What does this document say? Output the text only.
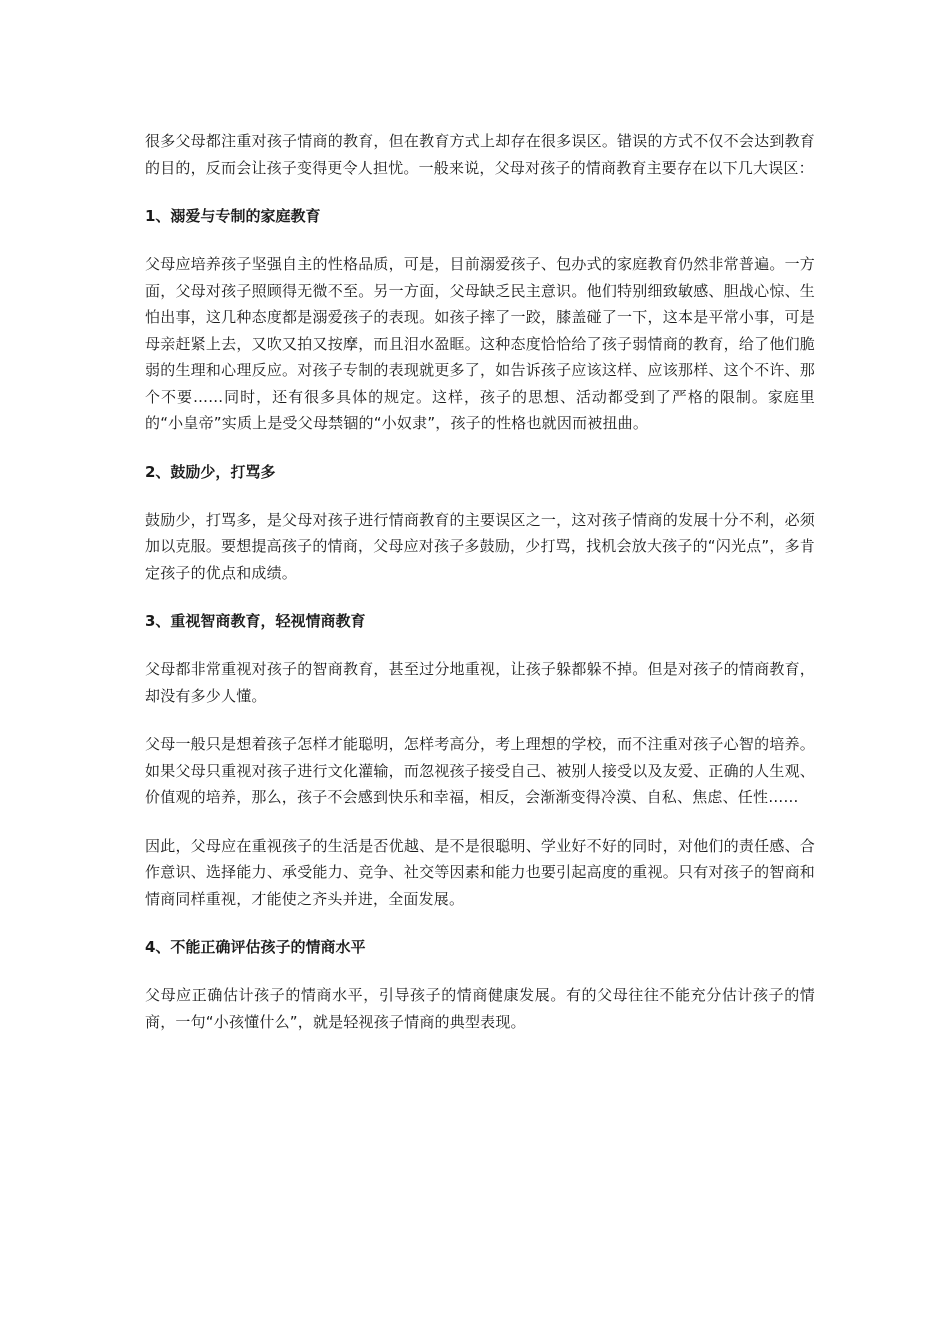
很多父母都注重对孩子情商的教育，但在教育方式上却存在很多误区。错误的方式不仅不会达到教育的目的，反而会让孩子变得更令人担忧。一般来说，父母对孩子的情商教育主要存在以下几大误区：

1、溺爱与专制的家庭教育

父母应培养孩子坚强自主的性格品质，可是，目前溺爱孩子、包办式的家庭教育仍然非常普遍。一方面，父母对孩子照顾得无微不至。另一方面，父母缺乏民主意识。他们特别细致敏感、胆战心惊、生怕出事，这几种态度都是溺爱孩子的表现。如孩子摔了一跤，膝盖碰了一下，这本是平常小事，可是母亲赶紧上去，又吹又拍又按摩，而且泪水盈眶。这种态度恰恰给了孩子弱情商的教育，给了他们脆弱的生理和心理反应。对孩子专制的表现就更多了，如告诉孩子应该这样、应该那样、这个不许、那个不要……同时，还有很多具体的规定。这样，孩子的思想、活动都受到了严格的限制。家庭里的“小皇帝”实质上是受父母禁锢的“小奴隶”，孩子的性格也就因而被扭曲。

2、鼓励少，打骂多

鼓励少，打骂多，是父母对孩子进行情商教育的主要误区之一，这对孩子情商的发展十分不利，必须加以克服。要想提高孩子的情商，父母应对孩子多鼓励，少打骂，找机会放大孩子的“闪光点”，多肯定孩子的优点和成绩。

3、重视智商教育，轻视情商教育

父母都非常重视对孩子的智商教育，甚至过分地重视，让孩子躲都躲不掉。但是对孩子的情商教育，却没有多少人懂。

父母一般只是想着孩子怎样才能聪明，怎样考高分，考上理想的学校，而不注重对孩子心智的培养。如果父母只重视对孩子进行文化灌输，而忽视孩子接受自己、被别人接受以及友爱、正确的人生观、价值观的培养，那么，孩子不会感到快乐和幸福，相反，会渐渐变得冷漠、自私、焦虑、任性……

因此，父母应在重视孩子的生活是否优越、是不是很聪明、学业好不好的同时，对他们的责任感、合作意识、选择能力、承受能力、竞争、社交等因素和能力也要引起高度的重视。只有对孩子的智商和情商同样重视，才能使之齐头并进，全面发展。

4、不能正确评估孩子的情商水平

父母应正确估计孩子的情商水平，引导孩子的情商健康发展。有的父母往往不能充分估计孩子的情商，一句“小孩懂什么”，就是轻视孩子情商的典型表现。
